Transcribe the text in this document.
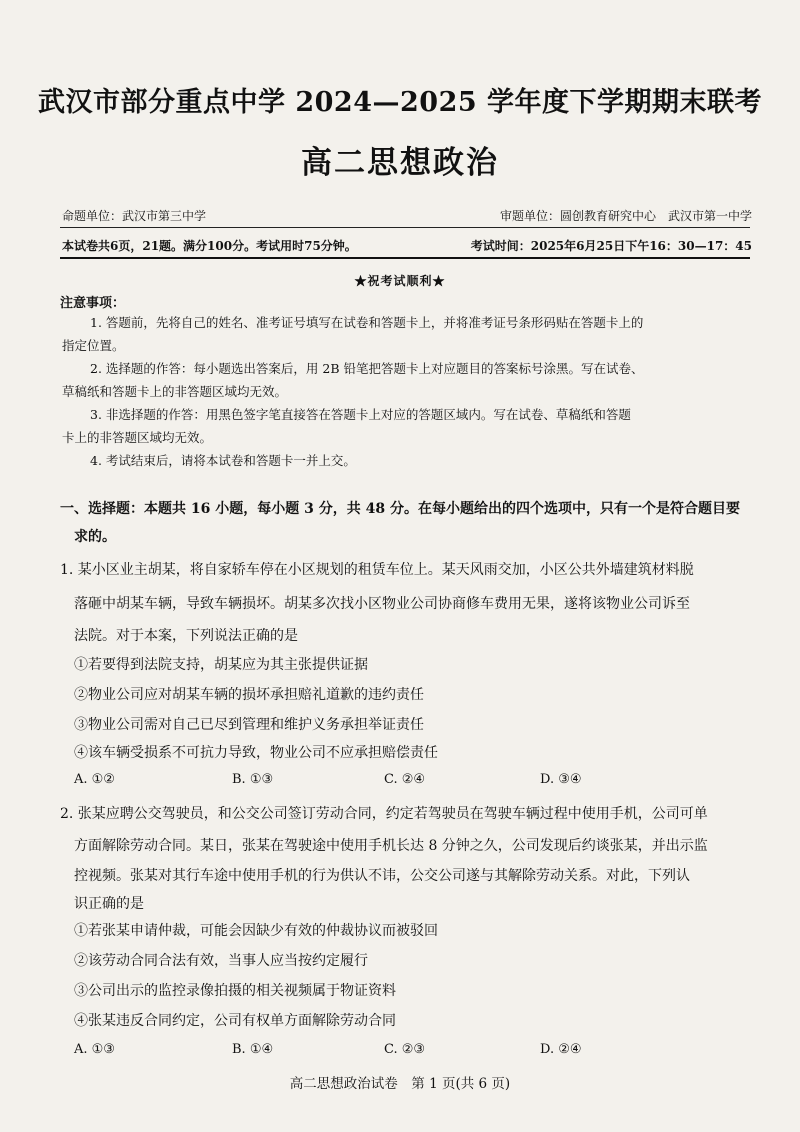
武汉市部分重点中学 2024—2025 学年度下学期期末联考
高二思想政治
命题单位：武汉市第三中学	审题单位：圆创教育研究中心　武汉市第一中学
本试卷共6页，21题。满分100分。考试用时75分钟。	考试时间：2025年6月25日下午16：30—17：45
★祝考试顺利★
注意事项：
1. 答题前，先将自己的姓名、准考证号填写在试卷和答题卡上，并将准考证号条形码贴在答题卡上的
指定位置。
2. 选择题的作答：每小题选出答案后，用 2B 铅笔把答题卡上对应题目的答案标号涂黑。写在试卷、
草稿纸和答题卡上的非答题区域均无效。
3. 非选择题的作答：用黑色签字笔直接答在答题卡上对应的答题区域内。写在试卷、草稿纸和答题
卡上的非答题区域均无效。
4. 考试结束后，请将本试卷和答题卡一并上交。
一、选择题：本题共 16 小题，每小题 3 分，共 48 分。在每小题给出的四个选项中，只有一个是符合题目要
求的。
1. 某小区业主胡某，将自家轿车停在小区规划的租赁车位上。某天风雨交加，小区公共外墙建筑材料脱
落砸中胡某车辆，导致车辆损坏。胡某多次找小区物业公司协商修车费用无果，遂将该物业公司诉至
法院。对于本案，下列说法正确的是
①若要得到法院支持，胡某应为其主张提供证据
②物业公司应对胡某车辆的损坏承担赔礼道歉的违约责任
③物业公司需对自己已尽到管理和维护义务承担举证责任
④该车辆受损系不可抗力导致，物业公司不应承担赔偿责任
A. ①②	B. ①③	C. ②④	D. ③④
2. 张某应聘公交驾驶员，和公交公司签订劳动合同，约定若驾驶员在驾驶车辆过程中使用手机，公司可单
方面解除劳动合同。某日，张某在驾驶途中使用手机长达 8 分钟之久，公司发现后约谈张某，并出示监
控视频。张某对其行车途中使用手机的行为供认不讳，公交公司遂与其解除劳动关系。对此，下列认
识正确的是
①若张某申请仲裁，可能会因缺少有效的仲裁协议而被驳回
②该劳动合同合法有效，当事人应当按约定履行
③公司出示的监控录像拍摄的相关视频属于物证资料
④张某违反合同约定，公司有权单方面解除劳动合同
A. ①③	B. ①④	C. ②③	D. ②④
高二思想政治试卷　第 1 页(共 6 页)
